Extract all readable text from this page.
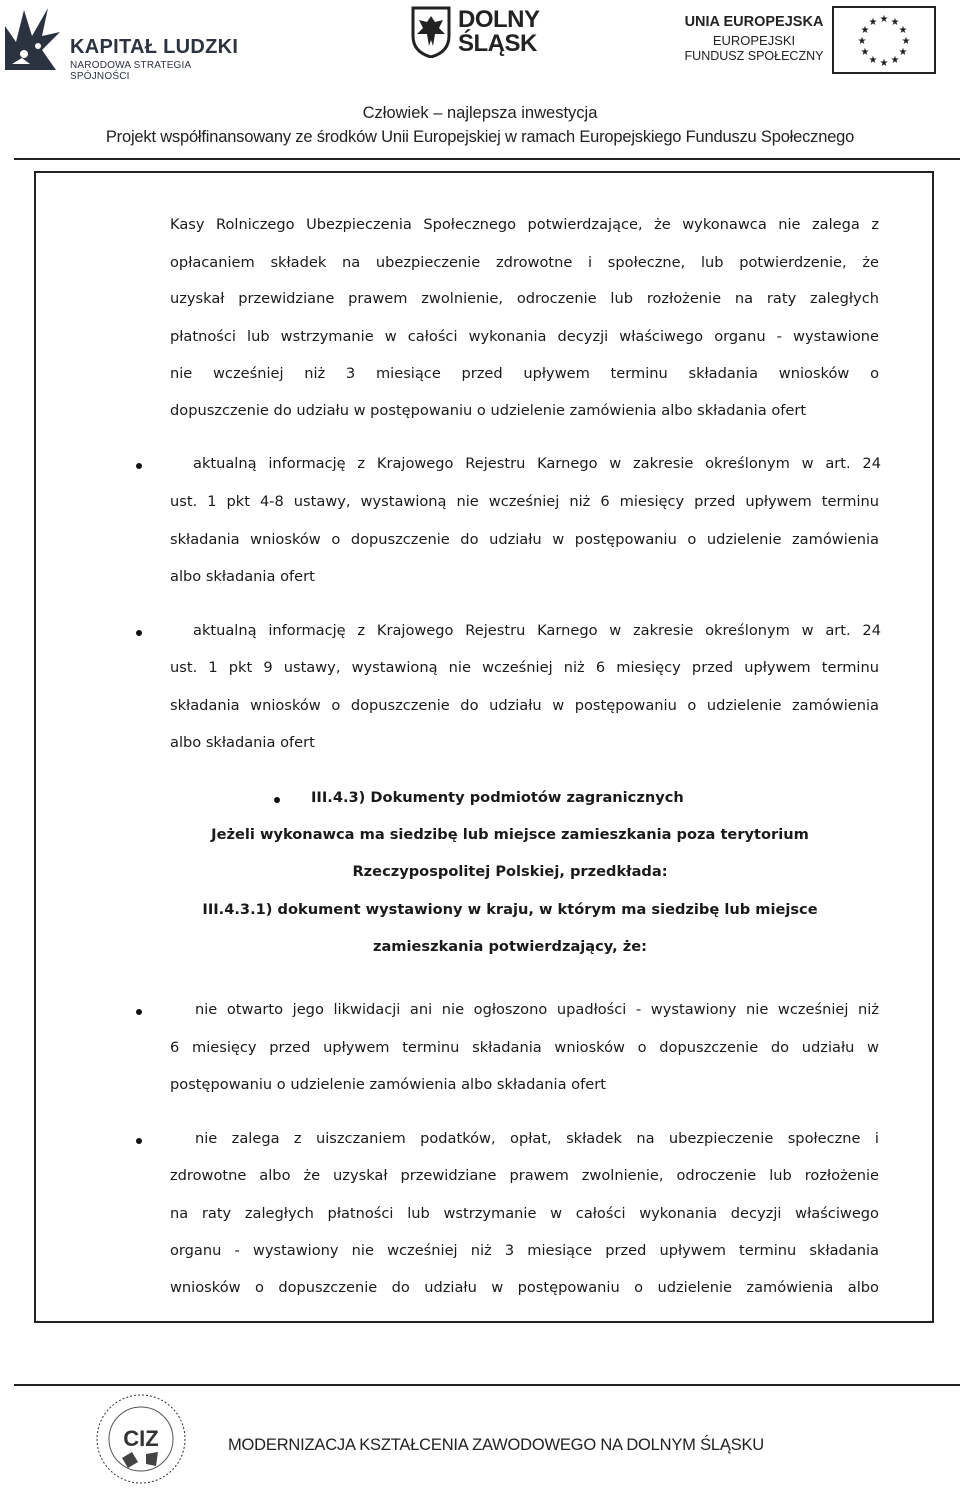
KAPITAŁ LUDZKI
NARODOWA STRATEGIA SPÓJNOŚCI
DOLNY
ŚLĄSK
UNIA EUROPEJSKA
EUROPEJSKI
FUNDUSZ SPOŁECZNY
★ ★
★
★
★
★
★
★
★
★
★
★
Człowiek – najlepsza inwestycja
Projekt współfinansowany ze środków Unii Europejskiej w ramach Europejskiego Funduszu Społecznego
Kasy Rolniczego Ubezpieczenia Społecznego potwierdzające, że wykonawca nie zalega z
opłacaniem składek na ubezpieczenie zdrowotne i społeczne, lub potwierdzenie, że
uzyskał przewidziane prawem zwolnienie, odroczenie lub rozłożenie na raty zaległych
płatności lub wstrzymanie w całości wykonania decyzji właściwego organu - wystawione
nie wcześniej niż 3 miesiące przed upływem terminu składania wniosków o
dopuszczenie do udziału w postępowaniu o udzielenie zamówienia albo składania ofert
aktualną informację z Krajowego Rejestru Karnego w zakresie określonym w art. 24
ust. 1 pkt 4-8 ustawy, wystawioną nie wcześniej niż 6 miesięcy przed upływem terminu
składania wniosków o dopuszczenie do udziału w postępowaniu o udzielenie zamówienia
albo składania ofert
aktualną informację z Krajowego Rejestru Karnego w zakresie określonym w art. 24
ust. 1 pkt 9 ustawy, wystawioną nie wcześniej niż 6 miesięcy przed upływem terminu
składania wniosków o dopuszczenie do udziału w postępowaniu o udzielenie zamówienia
albo składania ofert
III.4.3) Dokumenty podmiotów zagranicznych
Jeżeli wykonawca ma siedzibę lub miejsce zamieszkania poza terytorium
Rzeczypospolitej Polskiej, przedkłada:
III.4.3.1) dokument wystawiony w kraju, w którym ma siedzibę lub miejsce
zamieszkania potwierdzający, że:
nie otwarto jego likwidacji ani nie ogłoszono upadłości - wystawiony nie wcześniej niż
6 miesięcy przed upływem terminu składania wniosków o dopuszczenie do udziału w
postępowaniu o udzielenie zamówienia albo składania ofert
nie zalega z uiszczaniem podatków, opłat, składek na ubezpieczenie społeczne i
zdrowotne albo że uzyskał przewidziane prawem zwolnienie, odroczenie lub rozłożenie
na raty zaległych płatności lub wstrzymanie w całości wykonania decyzji właściwego
organu - wystawiony nie wcześniej niż 3 miesiące przed upływem terminu składania
wniosków o dopuszczenie do udziału w postępowaniu o udzielenie zamówienia albo
CIZ	MODERNIZACJA KSZTAŁCENIA ZAWODOWEGO NA DOLNYM ŚLĄSKU
